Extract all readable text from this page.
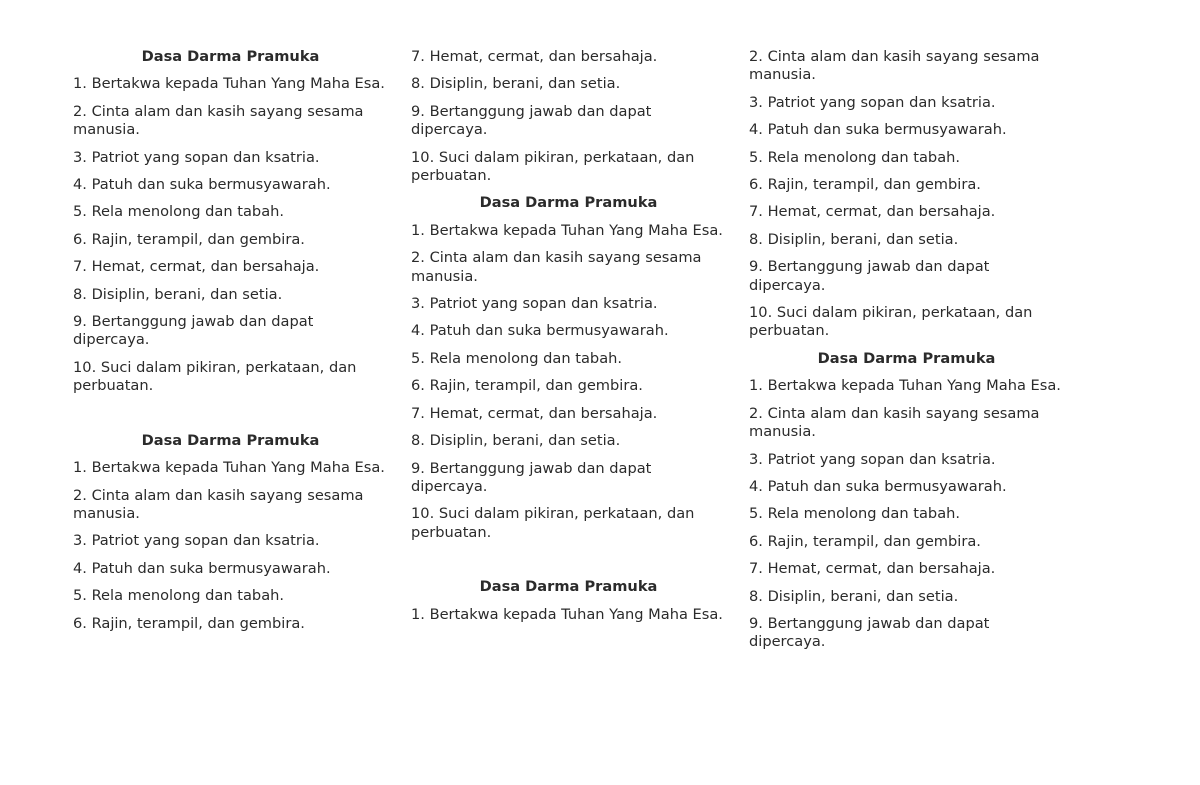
Dasa Darma Pramuka
1. Bertakwa kepada Tuhan Yang Maha Esa.
2. Cinta alam dan kasih sayang sesama manusia.
3. Patriot yang sopan dan ksatria.
4. Patuh dan suka bermusyawarah.
5. Rela menolong dan tabah.
6. Rajin, terampil, dan gembira.
7. Hemat, cermat, dan bersahaja.
8. Disiplin, berani, dan setia.
9. Bertanggung jawab dan dapat dipercaya.
10. Suci dalam pikiran, perkataan, dan perbuatan.
Dasa Darma Pramuka
1. Bertakwa kepada Tuhan Yang Maha Esa.
2. Cinta alam dan kasih sayang sesama manusia.
3. Patriot yang sopan dan ksatria.
4. Patuh dan suka bermusyawarah.
5. Rela menolong dan tabah.
6. Rajin, terampil, dan gembira.
7. Hemat, cermat, dan bersahaja.
8. Disiplin, berani, dan setia.
9. Bertanggung jawab dan dapat dipercaya.
10. Suci dalam pikiran, perkataan, dan perbuatan.
Dasa Darma Pramuka
1. Bertakwa kepada Tuhan Yang Maha Esa.
2. Cinta alam dan kasih sayang sesama manusia.
3. Patriot yang sopan dan ksatria.
4. Patuh dan suka bermusyawarah.
5. Rela menolong dan tabah.
6. Rajin, terampil, dan gembira.
7. Hemat, cermat, dan bersahaja.
8. Disiplin, berani, dan setia.
9. Bertanggung jawab dan dapat dipercaya.
10. Suci dalam pikiran, perkataan, dan perbuatan.
Dasa Darma Pramuka
1. Bertakwa kepada Tuhan Yang Maha Esa.
2. Cinta alam dan kasih sayang sesama manusia.
3. Patriot yang sopan dan ksatria.
4. Patuh dan suka bermusyawarah.
5. Rela menolong dan tabah.
6. Rajin, terampil, dan gembira.
7. Hemat, cermat, dan bersahaja.
8. Disiplin, berani, dan setia.
9. Bertanggung jawab dan dapat dipercaya.
10. Suci dalam pikiran, perkataan, dan perbuatan.
Dasa Darma Pramuka
1. Bertakwa kepada Tuhan Yang Maha Esa.
2. Cinta alam dan kasih sayang sesama manusia.
3. Patriot yang sopan dan ksatria.
4. Patuh dan suka bermusyawarah.
5. Rela menolong dan tabah.
6. Rajin, terampil, dan gembira.
7. Hemat, cermat, dan bersahaja.
8. Disiplin, berani, dan setia.
9. Bertanggung jawab dan dapat dipercaya.
